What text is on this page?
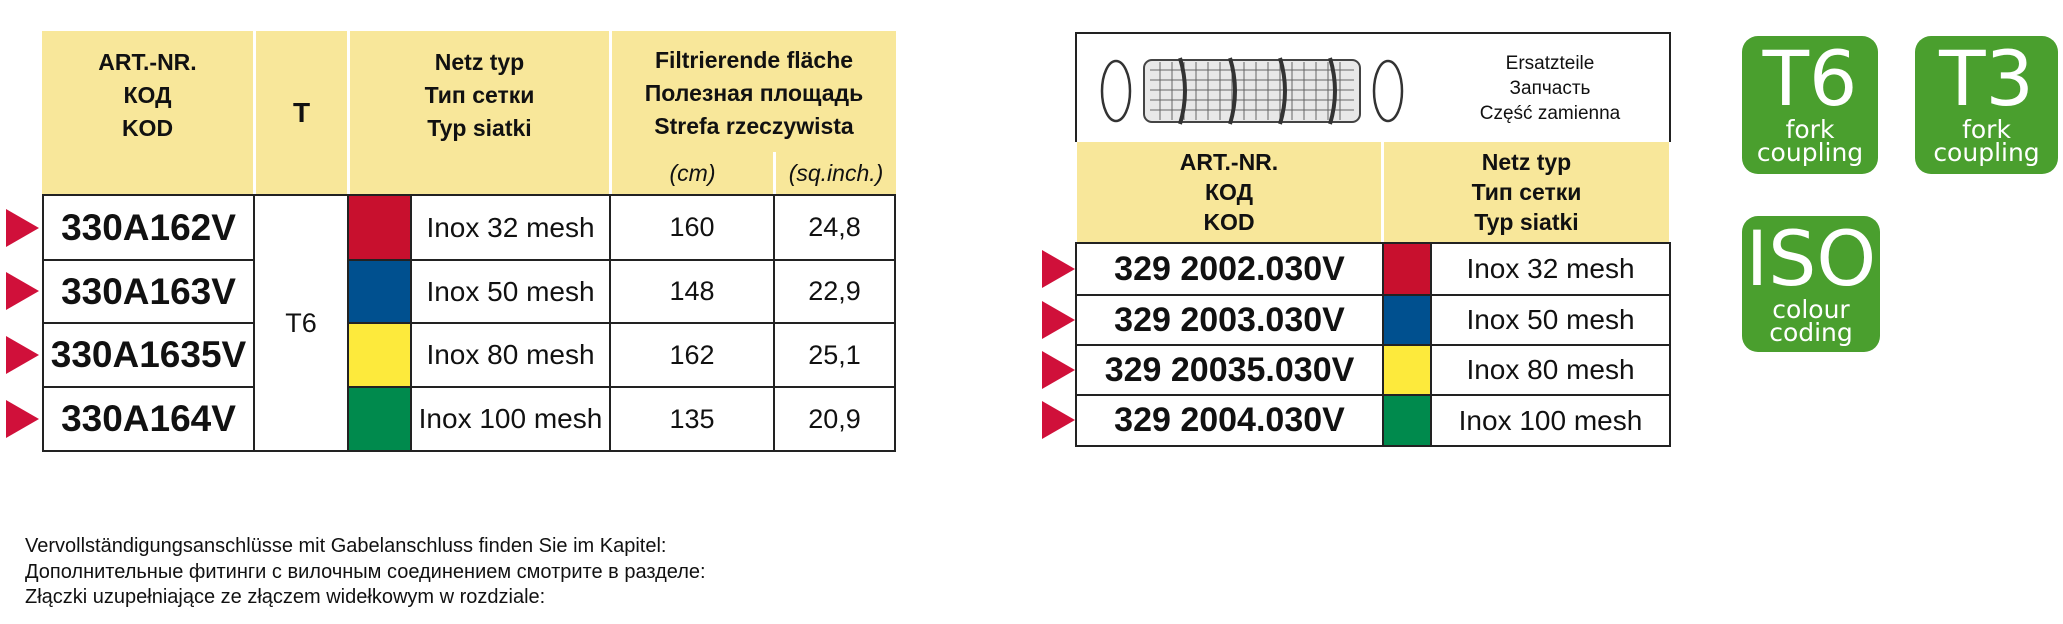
ART.-NR.
КОД
KOD	T
Netz typ
Тип сетки
Typ siatki
Filtrierende fläche
Полезная площадь
Strefa rzeczywista
(cm)	(sq.inch.)
T6
330A162V	Inox 32 mesh	160	24,8
330A163V	Inox 50 mesh	148	22,9
330A1635V	Inox 80 mesh	162	25,1
330A164V	Inox 100 mesh	135	20,9
Ersatzteile
Запчасть
Część zamienna
ART.-NR.
КОД
KOD
Netz typ
Тип сетки
Typ siatki
329 2002.030V	Inox 32 mesh
329 2003.030V	Inox 50 mesh
329 20035.030V	Inox 80 mesh
329 2004.030V	Inox 100 mesh
T6
fork
coupling
T3
fork
coupling
ISO
colour
coding
Vervollständigungsanschlüsse mit Gabelanschluss finden Sie im Kapitel:
Дополнительные фитинги с вилочным соединением смотрите в разделе:
Złączki uzupełniające ze złączem widełkowym w rozdziale:
